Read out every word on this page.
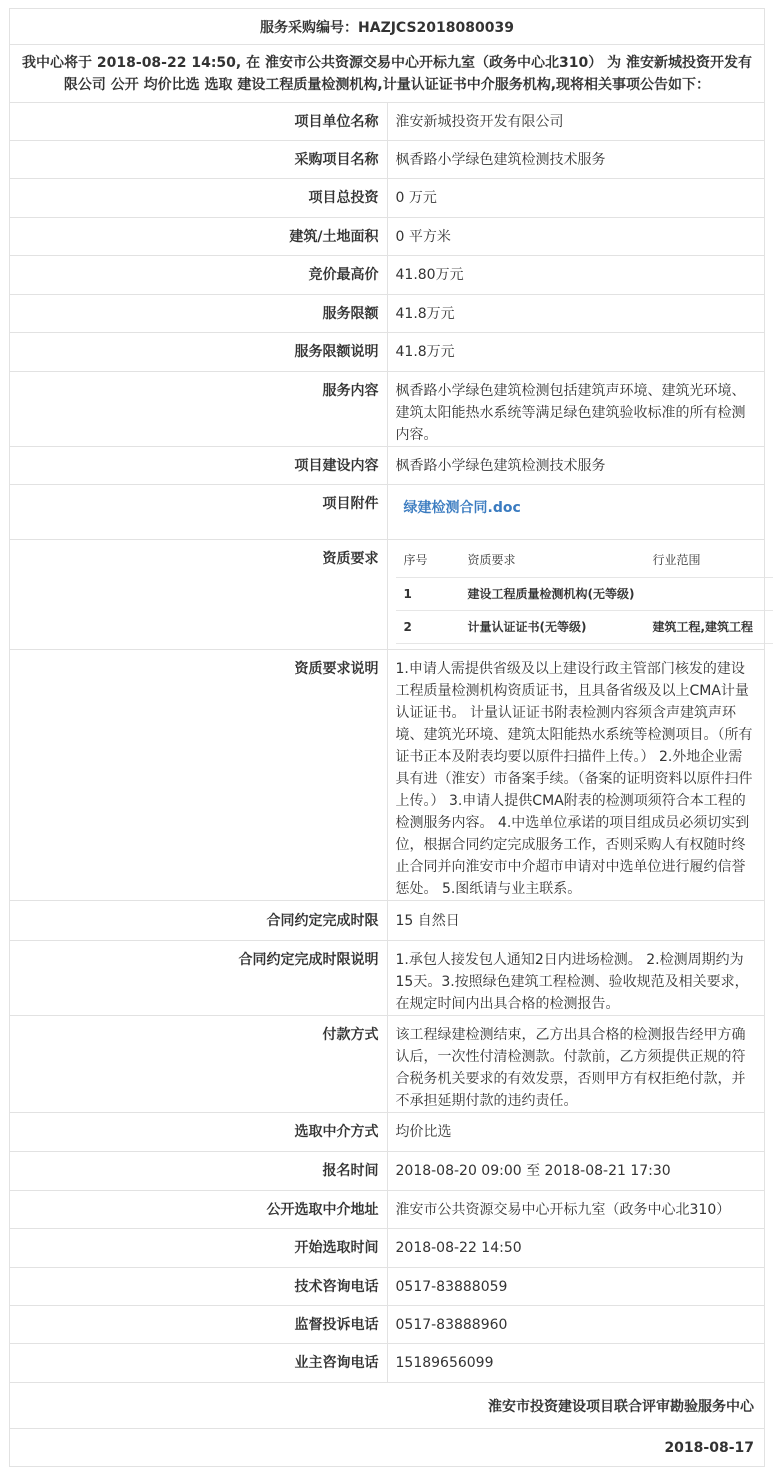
服务采购编号：HAZJCS2018080039
我中心将于 2018-08-22 14:50, 在 淮安市公共资源交易中心开标九室（政务中心北310） 为 淮安新城投资开发有限公司 公开 均价比选 选取 建设工程质量检测机构,计量认证证书中介服务机构,现将相关事项公告如下：
项目单位名称	淮安新城投资开发有限公司
采购项目名称	枫香路小学绿色建筑检测技术服务
项目总投资	0 万元
建筑/土地面积	0 平方米
竞价最高价	41.80万元
服务限额	41.8万元
服务限额说明	41.8万元
服务内容	枫香路小学绿色建筑检测包括建筑声环境、建筑光环境、建筑太阳能热水系统等满足绿色建筑验收标准的所有检测内容。
项目建设内容	枫香路小学绿色建筑检测技术服务
项目附件	绿建检测合同.doc
资质要求	序号	资质要求	行业范围
1	建设工程质量检测机构(无等级)	
2	计量认证证书(无等级)	建筑工程,建筑工程

资质要求说明	1.申请人需提供省级及以上建设行政主管部门核发的建设工程质量检测机构资质证书，且具备省级及以上CMA计量认证证书。 计量认证证书附表检测内容须含声建筑声环境、建筑光环境、建筑太阳能热水系统等检测项目。（所有证书正本及附表均要以原件扫描件上传。） 2.外地企业需具有进（淮安）市备案手续。（备案的证明资料以原件扫件上传。） 3.申请人提供CMA附表的检测项须符合本工程的检测服务内容。 4.中选单位承诺的项目组成员必须切实到位，根据合同约定完成服务工作，否则采购人有权随时终止合同并向淮安市中介超市申请对中选单位进行履约信誉惩处。 5.图纸请与业主联系。
合同约定完成时限	15 自然日
合同约定完成时限说明	1.承包人接发包人通知2日内进场检测。 2.检测周期约为15天。3.按照绿色建筑工程检测、验收规范及相关要求，在规定时间内出具合格的检测报告。
付款方式	该工程绿建检测结束，乙方出具合格的检测报告经甲方确认后，一次性付清检测款。付款前，乙方须提供正规的符合税务机关要求的有效发票，否则甲方有权拒绝付款，并不承担延期付款的违约责任。
选取中介方式	均价比选
报名时间	2018-08-20 09:00 至 2018-08-21 17:30
公开选取中介地址	淮安市公共资源交易中心开标九室（政务中心北310）
开始选取时间	2018-08-22 14:50
技术咨询电话	0517-83888059
监督投诉电话	0517-83888960
业主咨询电话	15189656099
淮安市投资建设项目联合评审勘验服务中心
2018-08-17
